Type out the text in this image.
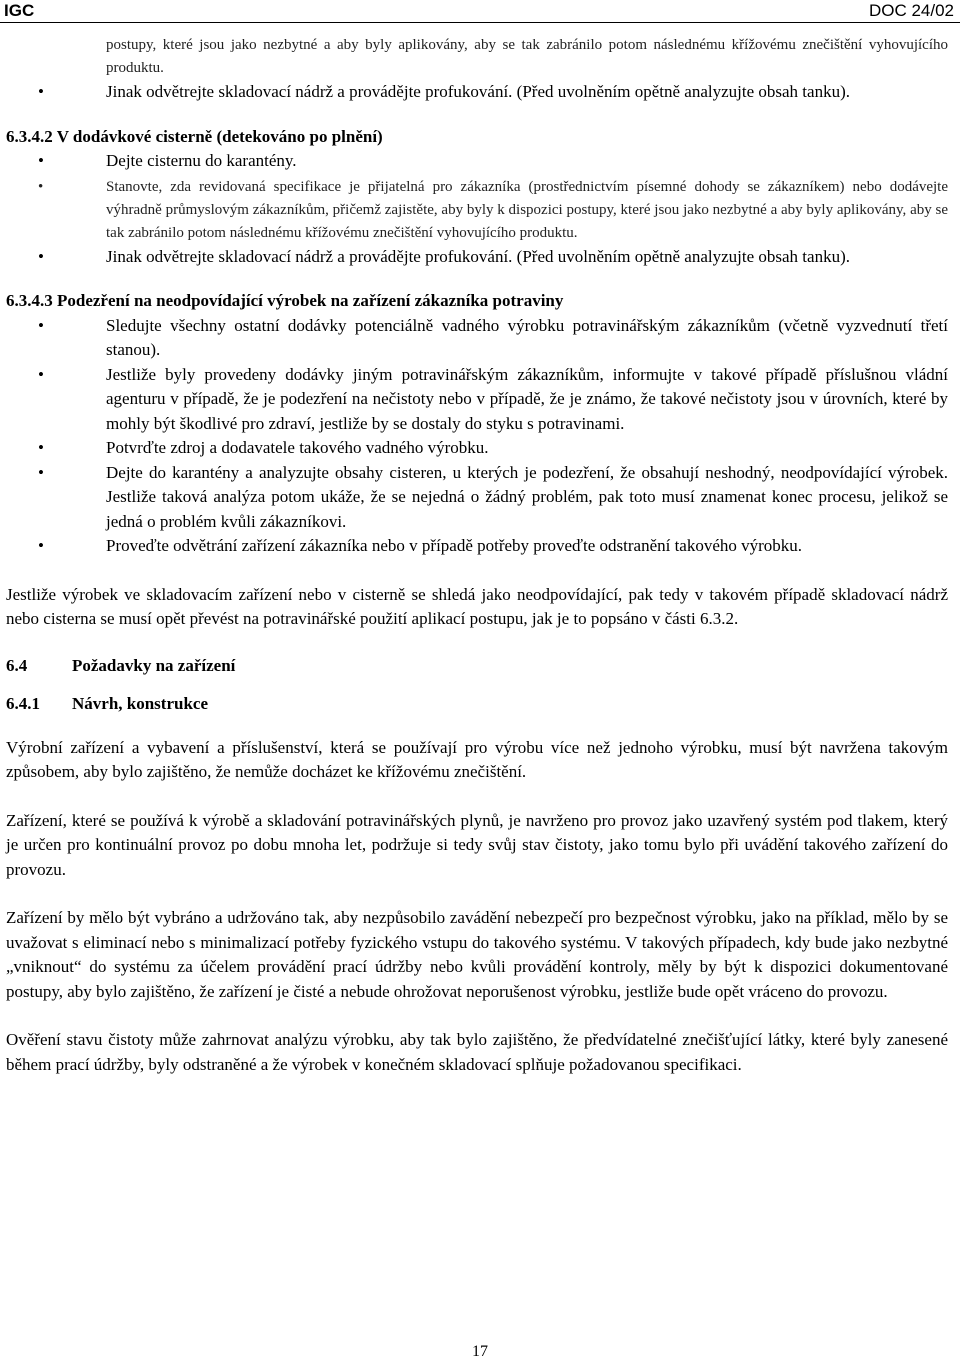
IGC	DOC 24/02
postupy, které jsou jako nezbytné a aby byly aplikovány, aby se tak zabránilo potom následnému křížovému znečištění vyhovujícího produktu.
•	Jinak odvětrejte skladovací nádrž a provádějte profukování. (Před uvolněním opětně analyzujte obsah tanku).
6.3.4.2 V dodávkové cisterně (detekováno po plnění)
•	Dejte cisternu do karantény.
•	Stanovte, zda revidovaná specifikace je přijatelná pro zákazníka (prostřednictvím písemné dohody se zákazníkem) nebo dodávejte výhradně průmyslovým zákazníkům, přičemž zajistěte, aby byly k dispozici postupy, které jsou jako nezbytné a aby byly aplikovány, aby se tak zabránilo potom následnému křížovému znečištění vyhovujícího produktu.
•	Jinak odvětrejte skladovací nádrž a provádějte profukování. (Před uvolněním opětně analyzujte obsah tanku).
6.3.4.3 Podezření na neodpovídající výrobek na zařízení zákazníka potraviny
•	Sledujte všechny ostatní dodávky potenciálně vadného výrobku potravinářským zákazníkům (včetně vyzvednutí třetí stanou).
•	Jestliže byly provedeny dodávky jiným potravinářským zákazníkům, informujte v takové případě příslušnou vládní agenturu v případě, že je podezření na nečistoty nebo v případě, že je známo, že takové nečistoty jsou v úrovních, které by mohly být škodlivé pro zdraví, jestliže by se dostaly do styku s potravinami.
•	Potvrďte zdroj a dodavatele takového vadného výrobku.
•	Dejte do karantény a analyzujte obsahy cisteren, u kterých je podezření, že obsahují neshodný, neodpovídající výrobek. Jestliže taková analýza potom ukáže, že se nejedná o žádný problém, pak toto musí znamenat konec procesu, jelikož se jedná o problém kvůli zákazníkovi.
•	Proveďte odvětrání zařízení zákazníka nebo v případě potřeby proveďte odstranění takového výrobku.

Jestliže výrobek ve skladovacím zařízení nebo v cisterně se shledá jako neodpovídající, pak tedy v takovém případě skladovací nádrž nebo cisterna se musí opět převést na potravinářské použití aplikací postupu, jak je to popsáno v části 6.3.2.

6.4	Požadavky na zařízení

6.4.1 Návrh, konstrukce

Výrobní zařízení a vybavení a příslušenství, která se používají pro výrobu více než jednoho výrobku, musí být navržena takovým způsobem, aby bylo zajištěno, že nemůže docházet ke křížovému znečištění.

Zařízení, které se používá k výrobě a skladování potravinářských plynů, je navrženo pro provoz jako uzavřený systém pod tlakem, který je určen pro kontinuální provoz po dobu mnoha let, podržuje si tedy svůj stav čistoty, jako tomu bylo při uvádění takového zařízení do provozu.

Zařízení by mělo být vybráno a udržováno tak, aby nezpůsobilo zavádění nebezpečí pro bezpečnost výrobku, jako na příklad, mělo by se uvažovat s eliminací nebo s minimalizací potřeby fyzického vstupu do takového systému. V takových případech, kdy bude jako nezbytné „vniknout“ do systému za účelem provádění prací údržby nebo kvůli provádění kontroly, měly by být k dispozici dokumentované postupy, aby bylo zajištěno, že zařízení je čisté a nebude ohrožovat neporušenost výrobku, jestliže bude opět vráceno do provozu.

Ověření stavu čistoty může zahrnovat analýzu výrobku, aby tak bylo zajištěno, že předvídatelné znečišťující látky, které byly zanesené během prací údržby, byly odstraněné a že výrobek v konečném skladovací splňuje požadovanou specifikaci.

17
